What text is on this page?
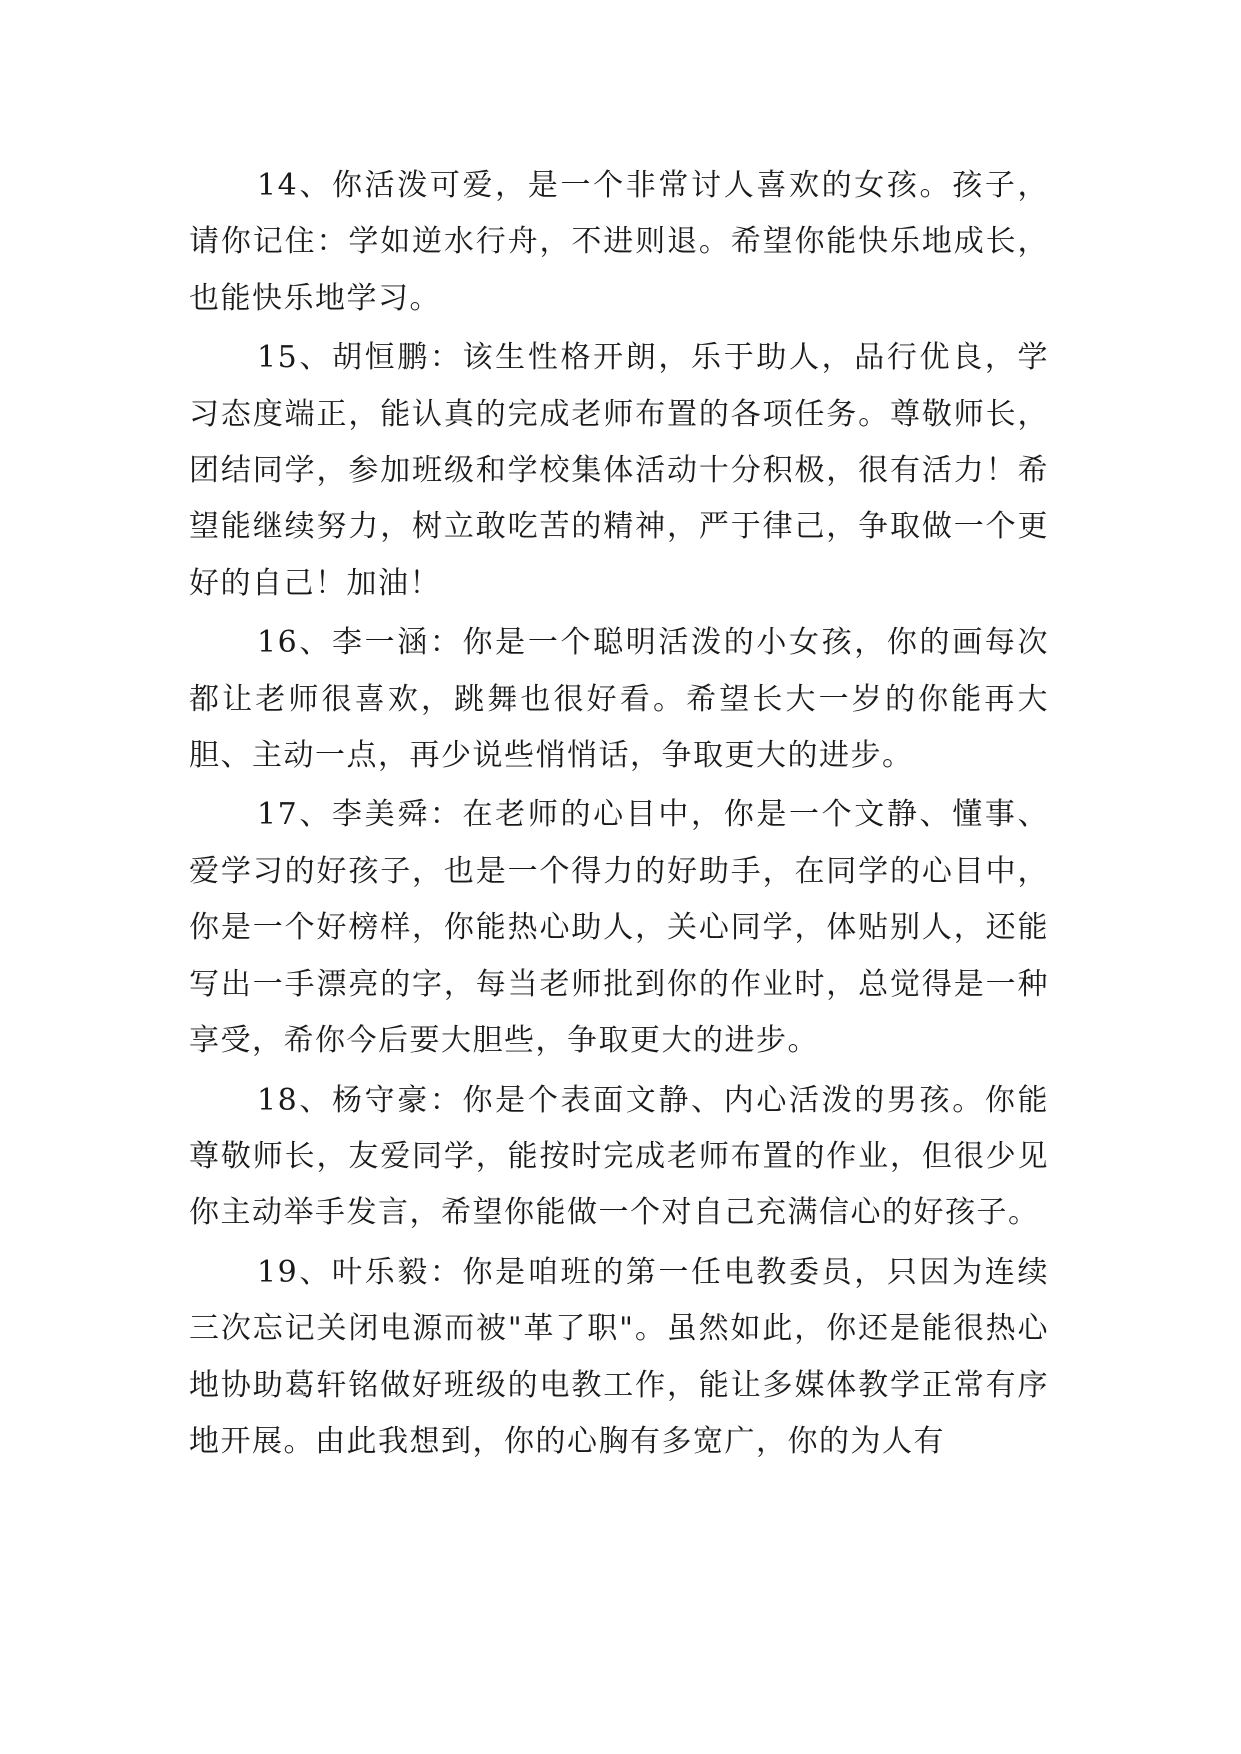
14、你活泼可爱，是一个非常讨人喜欢的女孩。孩子，请你记住：学如逆水行舟，不进则退。希望你能快乐地成长，也能快乐地学习。

15、胡恒鹏：该生性格开朗，乐于助人，品行优良，学习态度端正，能认真的完成老师布置的各项任务。尊敬师长，团结同学，参加班级和学校集体活动十分积极，很有活力！希望能继续努力，树立敢吃苦的精神，严于律己，争取做一个更好的自己！加油！

16、李一涵：你是一个聪明活泼的小女孩，你的画每次都让老师很喜欢，跳舞也很好看。希望长大一岁的你能再大胆、主动一点，再少说些悄悄话，争取更大的进步。

17、李美舜：在老师的心目中，你是一个文静、懂事、爱学习的好孩子，也是一个得力的好助手，在同学的心目中，你是一个好榜样，你能热心助人，关心同学，体贴别人，还能写出一手漂亮的字，每当老师批到你的作业时，总觉得是一种享受，希你今后要大胆些，争取更大的进步。

18、杨守豪：你是个表面文静、内心活泼的男孩。你能尊敬师长，友爱同学，能按时完成老师布置的作业，但很少见你主动举手发言，希望你能做一个对自己充满信心的好孩子。

19、叶乐毅：你是咱班的第一任电教委员，只因为连续三次忘记关闭电源而被"革了职"。虽然如此，你还是能很热心地协助葛轩铭做好班级的电教工作，能让多媒体教学正常有序地开展。由此我想到，你的心胸有多宽广，你的为人有
